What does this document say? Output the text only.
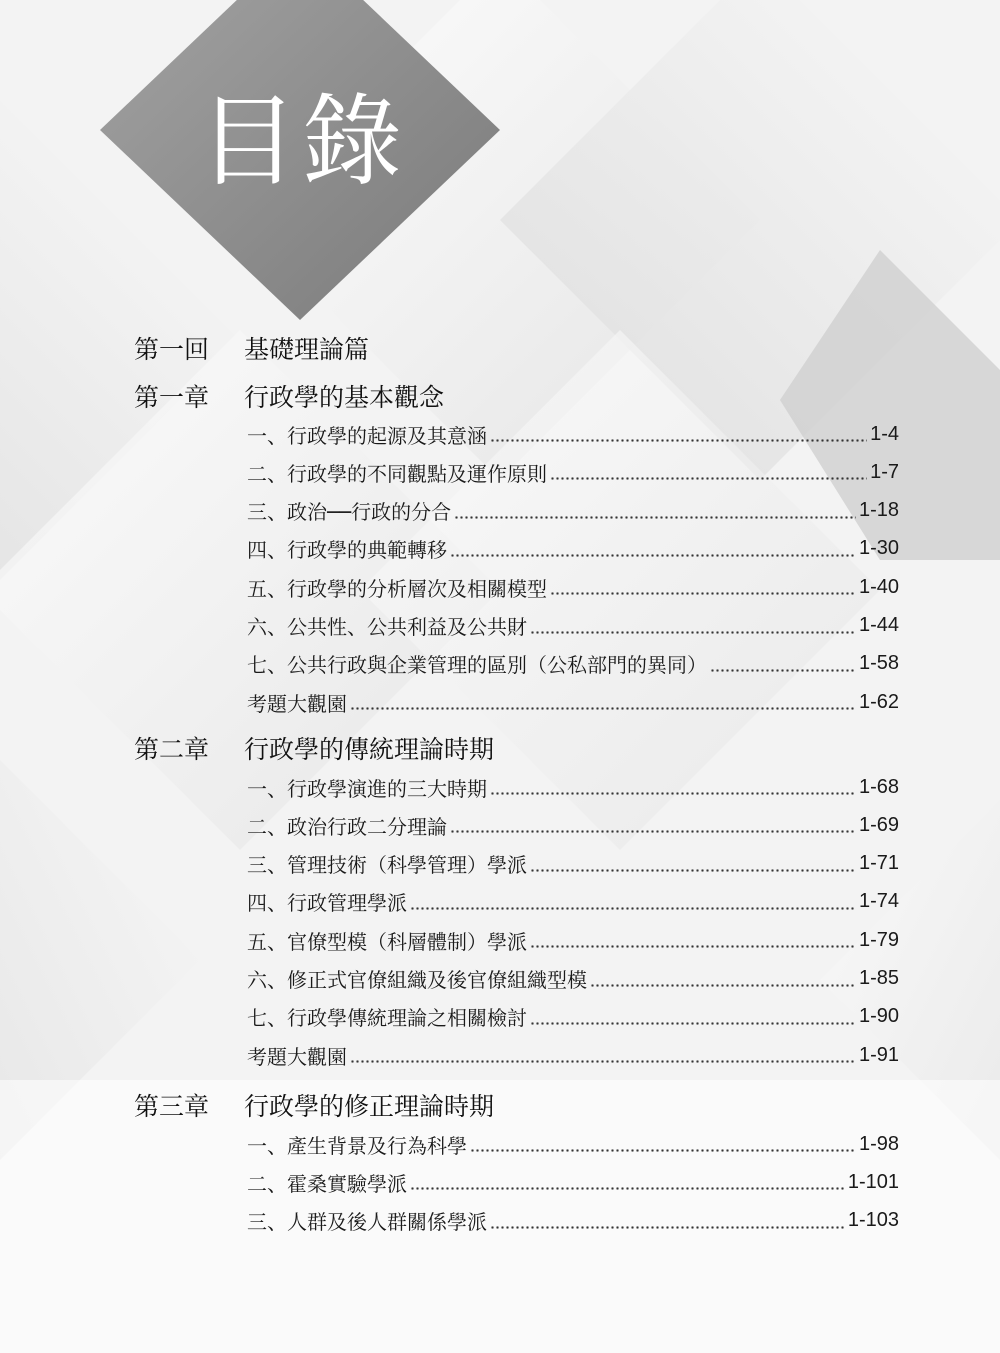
目錄
第一回	基礎理論篇
第一章	行政學的基本觀念
一、行政學的起源及其意涵	1-4
二、行政學的不同觀點及運作原則	1-7
三、政治──行政的分合	1-18
四、行政學的典範轉移	1-30
五、行政學的分析層次及相關模型	1-40
六、公共性、公共利益及公共財	1-44
七、公共行政與企業管理的區別（公私部門的異同）	1-58
考題大觀園	1-62
第二章	行政學的傳統理論時期
一、行政學演進的三大時期	1-68
二、政治行政二分理論	1-69
三、管理技術（科學管理）學派	1-71
四、行政管理學派	1-74
五、官僚型模（科層體制）學派	1-79
六、修正式官僚組織及後官僚組織型模	1-85
七、行政學傳統理論之相關檢討	1-90
考題大觀園	1-91
第三章	行政學的修正理論時期
一、產生背景及行為科學	1-98
二、霍桑實驗學派	1-101
三、人群及後人群關係學派	1-103
